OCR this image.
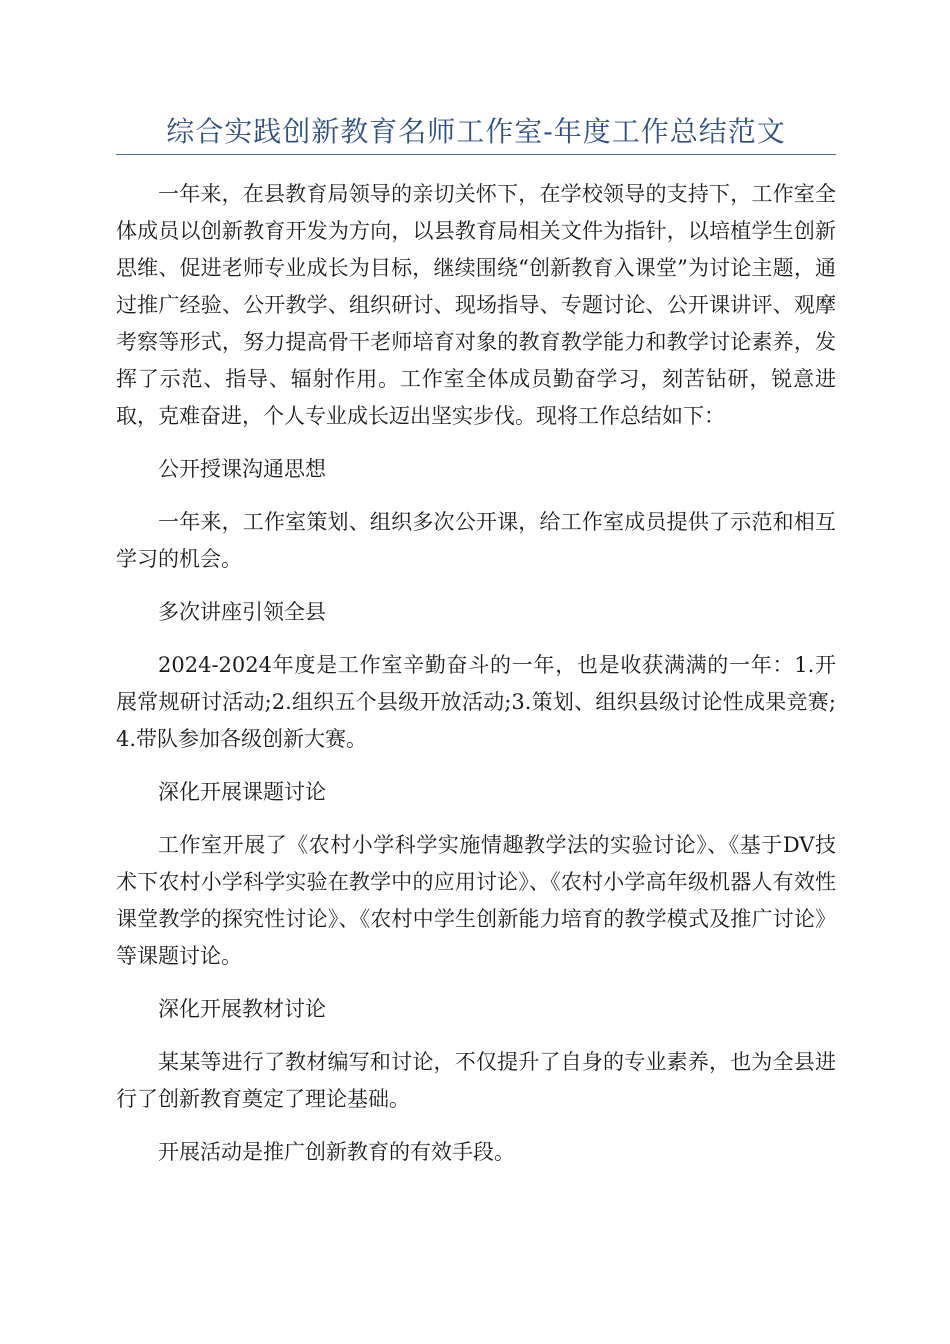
综合实践创新教育名师工作室-年度工作总结范文

一年来，在县教育局领导的亲切关怀下，在学校领导的支持下，工作室全体成员以创新教育开发为方向，以县教育局相关文件为指针，以培植学生创新思维、促进老师专业成长为目标，继续围绕“创新教育入课堂”为讨论主题，通过推广经验、公开教学、组织研讨、现场指导、专题讨论、公开课讲评、观摩考察等形式，努力提高骨干老师培育对象的教育教学能力和教学讨论素养，发挥了示范、指导、辐射作用。工作室全体成员勤奋学习，刻苦钻研，锐意进取，克难奋进，个人专业成长迈出坚实步伐。现将工作总结如下：

公开授课沟通思想

一年来，工作室策划、组织多次公开课，给工作室成员提供了示范和相互学习的机会。

多次讲座引领全县

2024-2024年度是工作室辛勤奋斗的一年，也是收获满满的一年：1.开展常规研讨活动;2.组织五个县级开放活动;3.策划、组织县级讨论性成果竞赛;4.带队参加各级创新大赛。

深化开展课题讨论

工作室开展了《农村小学科学实施情趣教学法的实验讨论》、《基于DV技术下农村小学科学实验在教学中的应用讨论》、《农村小学高年级机器人有效性课堂教学的探究性讨论》、《农村中学生创新能力培育的教学模式及推广讨论》等课题讨论。

深化开展教材讨论

某某等进行了教材编写和讨论，不仅提升了自身的专业素养，也为全县进行了创新教育奠定了理论基础。

开展活动是推广创新教育的有效手段。
